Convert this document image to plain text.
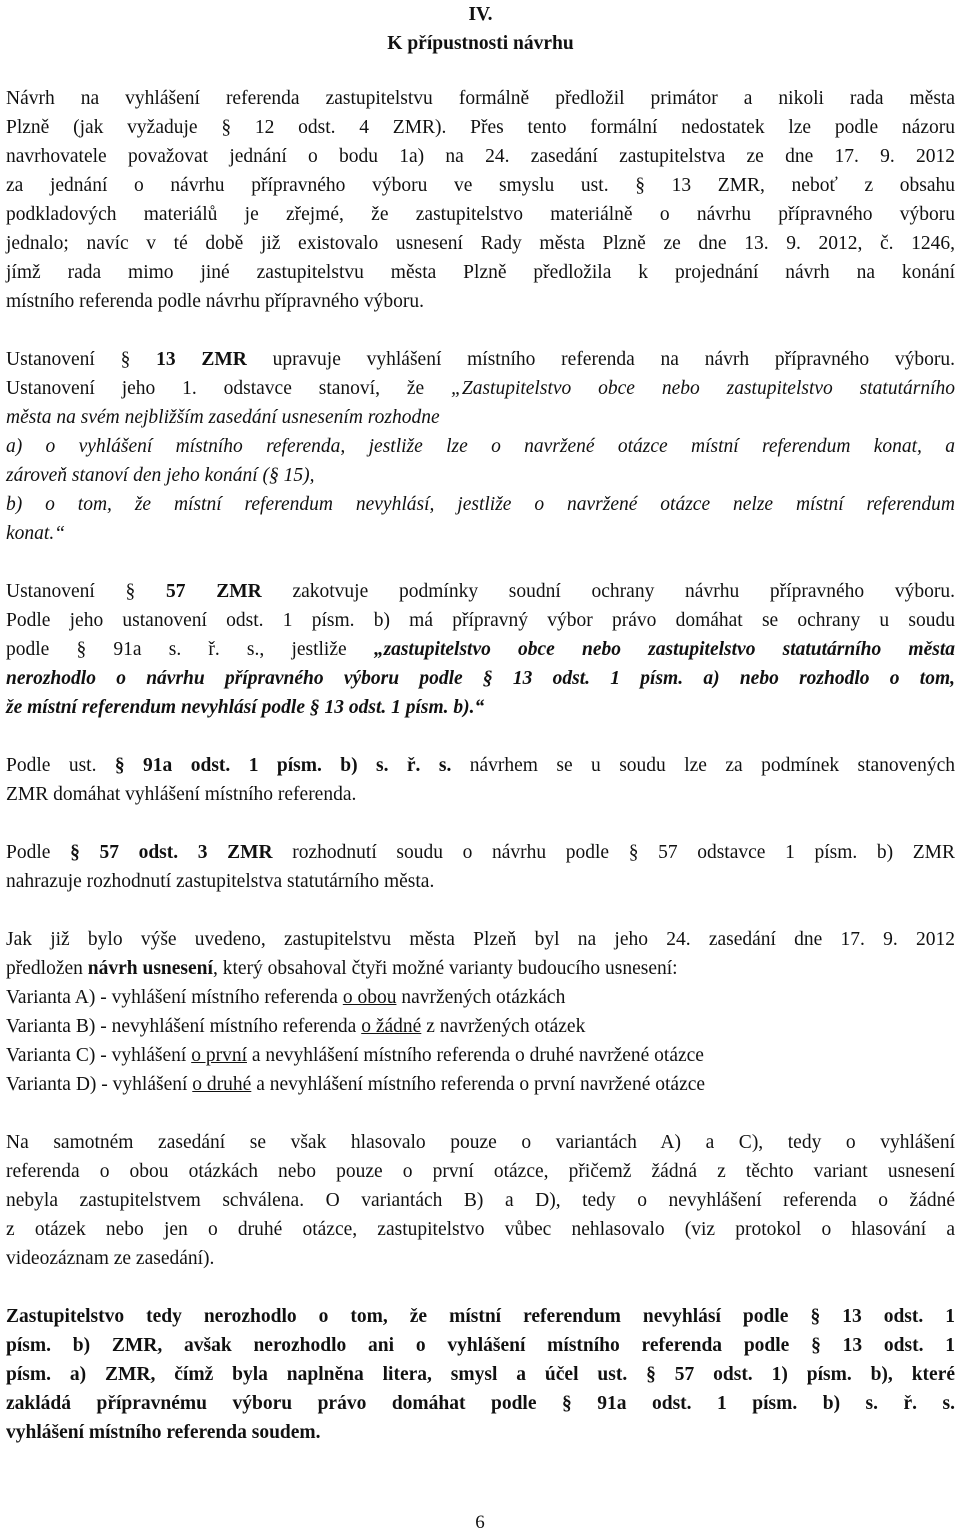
IV.
K přípustnosti návrhu

Návrh na vyhlášení referenda zastupitelstvu formálně předložil primátor a nikoli rada města
Plzně (jak vyžaduje § 12 odst. 4 ZMR). Přes tento formální nedostatek lze podle názoru
navrhovatele považovat jednání o bodu 1a) na 24. zasedání zastupitelstva ze dne 17. 9. 2012
za jednání o návrhu přípravného výboru ve smyslu ust. § 13 ZMR, neboť z obsahu
podkladových materiálů je zřejmé, že zastupitelstvo materiálně o návrhu přípravného výboru
jednalo; navíc v té době již existovalo usnesení Rady města Plzně ze dne 13. 9. 2012, č. 1246,
jímž rada mimo jiné zastupitelstvu města Plzně předložila k projednání návrh na konání
místního referenda podle návrhu přípravného výboru.

Ustanovení § 13 ZMR upravuje vyhlášení místního referenda na návrh přípravného výboru.
Ustanovení jeho 1. odstavce stanoví, že „Zastupitelstvo obce nebo zastupitelstvo statutárního
města na svém nejbližším zasedání usnesením rozhodne
a) o vyhlášení místního referenda, jestliže lze o navržené otázce místní referendum konat, a
zároveň stanoví den jeho konání (§ 15),
b) o tom, že místní referendum nevyhlásí, jestliže o navržené otázce nelze místní referendum
konat.“

Ustanovení § 57 ZMR zakotvuje podmínky soudní ochrany návrhu přípravného výboru.
Podle jeho ustanovení odst. 1 písm. b) má přípravný výbor právo domáhat se ochrany u soudu
podle § 91a s. ř. s., jestliže „zastupitelstvo obce nebo zastupitelstvo statutárního města
nerozhodlo o návrhu přípravného výboru podle § 13 odst. 1 písm. a) nebo rozhodlo o tom,
že místní referendum nevyhlásí podle § 13 odst. 1 písm. b).“

Podle ust. § 91a odst. 1 písm. b) s. ř. s. návrhem se u soudu lze za podmínek stanovených
ZMR domáhat vyhlášení místního referenda.

Podle § 57 odst. 3 ZMR rozhodnutí soudu o návrhu podle § 57 odstavce 1 písm. b) ZMR
nahrazuje rozhodnutí zastupitelstva statutárního města.

Jak již bylo výše uvedeno, zastupitelstvu města Plzeň byl na jeho 24. zasedání dne 17. 9. 2012
předložen návrh usnesení, který obsahoval čtyři možné varianty budoucího usnesení:
Varianta A) - vyhlášení místního referenda o obou navržených otázkách
Varianta B) - nevyhlášení místního referenda o žádné z navržených otázek
Varianta C) - vyhlášení o první a nevyhlášení místního referenda o druhé navržené otázce
Varianta D) - vyhlášení o druhé a nevyhlášení místního referenda o první navržené otázce

Na samotném zasedání se však hlasovalo pouze o variantách A) a C), tedy o vyhlášení
referenda o obou otázkách nebo pouze o první otázce, přičemž žádná z těchto variant usnesení
nebyla zastupitelstvem schválena. O variantách B) a D), tedy o nevyhlášení referenda o žádné
z otázek nebo jen o druhé otázce, zastupitelstvo vůbec nehlasovalo (viz protokol o hlasování a
videozáznam ze zasedání).

Zastupitelstvo tedy nerozhodlo o tom, že místní referendum nevyhlásí podle § 13 odst. 1
písm. b) ZMR, avšak nerozhodlo ani o vyhlášení místního referenda podle § 13 odst. 1
písm. a) ZMR, čímž byla naplněna litera, smysl a účel ust. § 57 odst. 1) písm. b), které
zakládá přípravnému výboru právo domáhat podle § 91a odst. 1 písm. b) s. ř. s.
vyhlášení místního referenda soudem.

6
